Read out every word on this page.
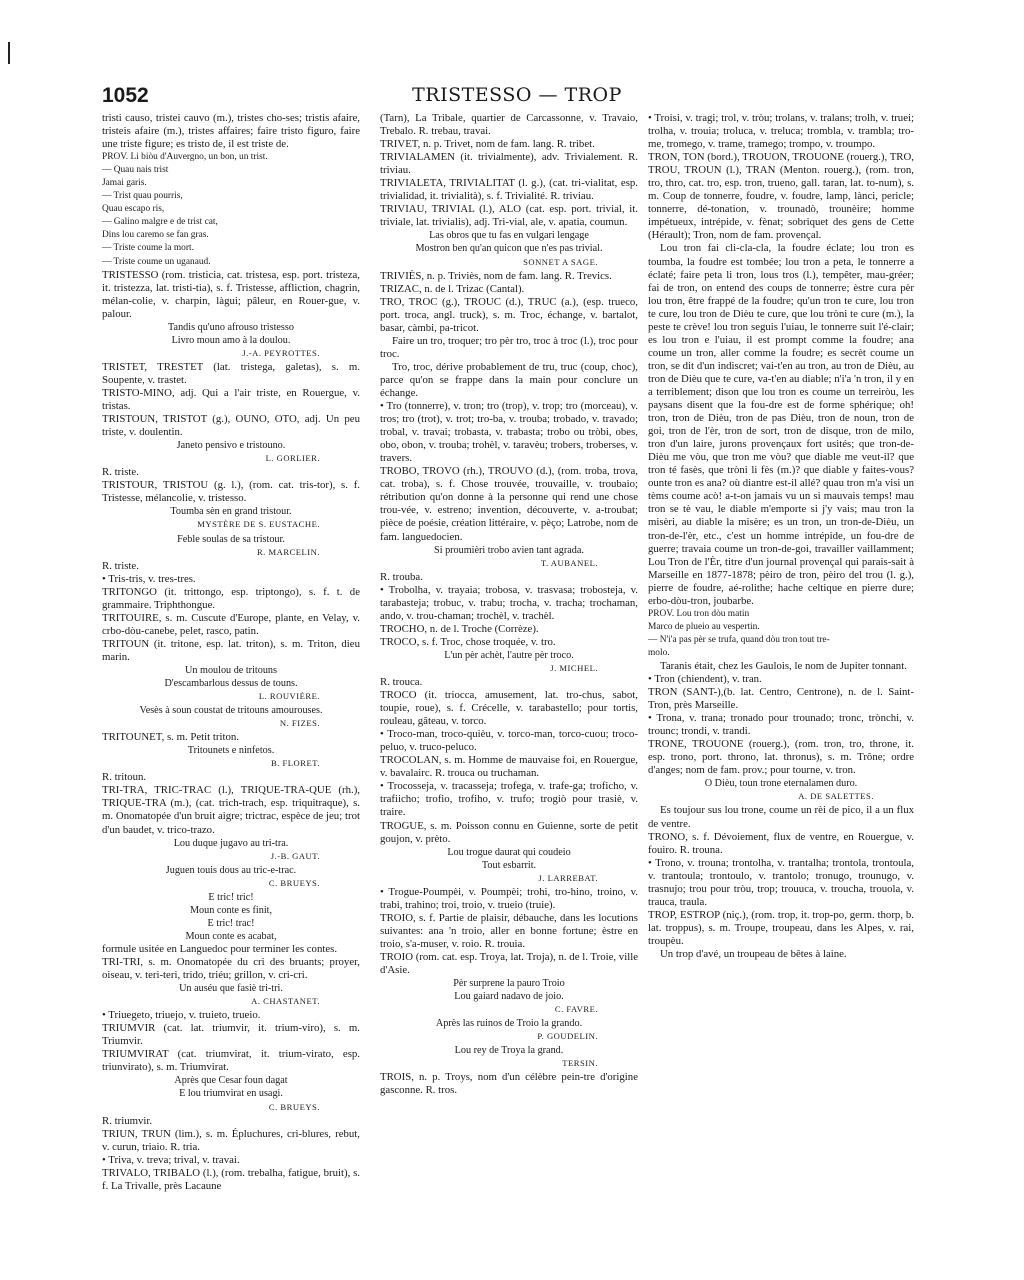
1052	TRISTESSO — TROP

tristi causo, tristei cauvo (m.), tristes cho-ses; tristis afaire, tristeis afaire (m.), tristes affaires; faire tristo figuro, faire une triste figure; es tristo de, il est triste de.

PROV. Li biòu d'Auvergno, un bon, un trist.
— Quau nais trist
Jamai garis.
— Trist quau pourris,
Quau escapo ris,
— Galino malgre e de trist cat,
Dins lou caremo se fan gras.
— Triste coume la mort.
— Triste coume un uganaud.

TRISTESSO (rom. tristicia, cat. tristesa, esp. port. tristeza, it. tristezza, lat. tristi-tia), s. f. Tristesse, affliction, chagrin, mélan-colie, v. charpin, làgui; pâleur, en Rouer-gue, v. palour.

Tandis qu'uno afrouso tristesso
Livro moun amo à la doulou.

J.-A. PEYROTTES.

TRISTET, TRESTET (lat. tristega, galetas), s. m. Soupente, v. trastet.

TRISTO-MINO, adj. Qui a l'air triste, en Rouergue, v. tristas.

TRISTOUN, TRISTOT (g.), OUNO, OTO, adj. Un peu triste, v. doulentin.

Janeto pensivo e tristouno.

L. GORLIER.

R. triste.

TRISTOUR, TRISTOU (g. l.), (rom. cat. tris-tor), s. f. Tristesse, mélancolie, v. tristesso.

Toumba sèn en grand tristour.

MYSTÈRE DE S. EUSTACHE.

Feble soulas de sa tristour.

R. MARCELIN.

R. triste.

• Tris-tris, v. tres-tres.

TRITONGO (it. trittongo, esp. triptongo), s. f. t. de grammaire. Triphthongue.

TRITOUIRE, s. m. Cuscute d'Europe, plante, en Velay, v. crbo-dòu-canebe, pelet, rasco, patin.

TRITOUN (it. tritone, esp. lat. triton), s. m. Triton, dieu marin.

Un moulou de tritouns
D'escambarlous dessus de touns.

L. ROUVIÈRE.

Vesès à soun coustat de tritouns amourouses.

N. FIZES.

TRITOUNET, s. m. Petit triton.

Tritounets e ninfetos.

B. FLORET.

R. tritoun.

TRI-TRA, TRIC-TRAC (l.), TRIQUE-TRA-QUE (rh.), TRIQUE-TRA (m.), (cat. trich-trach, esp. triquitraque), s. m. Onomatopée d'un bruit aigre; trictrac, espèce de jeu; trot d'un baudet, v. trico-trazo.

Lou duque jugavo au tri-tra.

J.-B. GAUT.

Juguen touis dous au tric-e-trac.

C. BRUEYS.

E tric! tric!
Moun conte es finit,
E tric! trac!
Moun conte es acabat,

formule usitée en Languedoc pour terminer les contes.

TRI-TRI, s. m. Onomatopée du cri des bruants; proyer, oiseau, v. teri-teri, trido, triéu; grillon, v. cri-cri.

Un auséu que fasiè tri-tri.

A. CHASTANET.

• Triuegeto, triuejo, v. truieto, trueio.

TRIUMVIR (cat. lat. triumvir, it. trium-viro), s. m. Triumvir.

TRIUMVIRAT (cat. triumvirat, it. trium-virato, esp. triunvirato), s. m. Triumvirat.

Après que Cesar foun dagat
E lou triumvirat en usagi.

C. BRUEYS.

R. triumvir.

TRIUN, TRUN (lim.), s. m. Épluchures, cri-blures, rebut, v. curun, triaio. R. tria.

• Triva, v. treva; trival, v. travai.

TRIVALO, TRIBALO (l.), (rom. trebalha, fatigue, bruit), s. f. La Trivalle, près Lacaune

(Tarn), La Tribale, quartier de Carcassonne, v. Travaio, Trebalo. R. trebau, travai.

TRIVET, n. p. Trivet, nom de fam. lang. R. tribet.

TRIVIALAMEN (it. trivialmente), adv. Trivialement. R. triviau.

TRIVIALETA, TRIVIALITAT (l. g.), (cat. tri-vialitat, esp. trivialidad, it. trivialità), s. f. Trivialité. R. triviau.

TRIVIAU, TRIVIAL (l.), ALO (cat. esp. port. trivial, it. triviale, lat. trivialis), adj. Tri-vial, ale, v. apatia, coumun.

Las obros que tu fas en vulgari lengage
Mostron ben qu'an quicon que n'es pas trivial.

SONNET A SAGE.

TRIVIÈS, n. p. Triviès, nom de fam. lang. R. Trevics.

TRIZAC, n. de l. Trizac (Cantal).

TRO, TROC (g.), TROUC (d.), TRUC (a.), (esp. trueco, port. troca, angl. truck), s. m. Troc, échange, v. bartalot, basar, càmbi, pa-tricot.

Faire un tro, troquer; tro pèr tro, troc à troc (l.), troc pour troc.

Tro, troc, dérive probablement de tru, truc (coup, choc), parce qu'on se frappe dans la main pour conclure un échange.

• Tro (tonnerre), v. tron; tro (trop), v. trop; tro (morceau), v. tros; tro (trot), v. trot; tro-ba, v. trouba; trobado, v. travado; trobal, v. travai; trobasta, v. trabasta; trobo ou tròbi, obes, obo, obon, v. trouba; trohèl, v. taravèu; trobers, troberses, v. travers.

TROBO, TROVO (rh.), TROUVO (d.), (rom. troba, trova, cat. troba), s. f. Chose trouvée, trouvaille, v. troubaio; rétribution qu'on donne à la personne qui rend une chose trou-vée, v. estreno; invention, découverte, v. a-troubat; pièce de poésie, création littéraire, v. pèço; Latrobe, nom de fam. languedocien.

Si proumièri trobo avien tant agrada.

T. AUBANEL.

R. trouba.

• Trobolha, v. trayaia; trobosa, v. trasvasa; trobosteja, v. tarabasteja; trobuc, v. trabu; trocha, v. tracha; trochaman, ando, v. trou-chaman; trochèl, v. trachèl.

TROCHO, n. de l. Troche (Corrèze).

TROCO, s. f. Troc, chose troquée, v. tro.

L'un pèr achèt, l'autre pèr troco.

J. MICHEL.

R. trouca.

TROCO (it. triocca, amusement, lat. tro-chus, sabot, toupie, roue), s. f. Crécelle, v. tarabastello; pour tortis, rouleau, gâteau, v. torco.

• Troco-man, troco-quièu, v. torco-man, torco-cuou; troco-peluo, v. truco-peluco.

TROCOLAN, s. m. Homme de mauvaise foi, en Rouergue, v. bavalairc. R. trouca ou truchaman.

• Trocosseja, v. tracasseja; trofega, v. trafe-ga; troficho, v. trafiicho; trofio, trofiho, v. trufo; trogiò pour trasiè, v. traire.

TROGUE, s. m. Poisson connu en Guienne, sorte de petit goujon, v. prèto.

Lou trogue daurat qui coudeio
Tout esbarrit.

J. LARREBAT.

• Trogue-Poumpèi, v. Poumpèi; trohi, tro-hino, troino, v. trabi, trahino; troi, troio, v. trueio (truie).

TROIO, s. f. Partie de plaisir, débauche, dans les locutions suivantes: ana 'n troio, aller en bonne fortune; èstre en troio, s'a-muser, v. roio. R. trouia.

TROIO (rom. cat. esp. Troya, lat. Troja), n. de l. Troie, ville d'Asie.

Pèr surprene la pauro Troio
Lou gaiard nadavo de joio.

C. FAVRE.

Après las ruinos de Troio la grando.

P. GOUDELIN.

Lou rey de Troya la grand.

TERSIN.

TROIS, n. p. Troys, nom d'un célèbre pein-tre d'origine gasconne. R. tros.

• Troisi, v. tragi; trol, v. tròu; trolans, v. tralans; trolh, v. truei; trolha, v. trouia; troluca, v. treluca; trombla, v. trambla; tro-me, tromego, v. trame, tramego; trompo, v. troumpo.

TRON, TON (bord.), TROUON, TROUONE (rouerg.), TRO, TROU, TROUN (l.), TRAN (Menton. rouerg.), (rom. tron, tro, thro, cat. tro, esp. tron, trueno, gall. taran, lat. to-num), s. m. Coup de tonnerre, foudre, v. foudre, lamp, lànci, pericle; tonnerre, dé-tonation, v. trounadò, trounèire; homme impétueux, intrépide, v. fènat; sobriquet des gens de Cette (Hérault); Tron, nom de fam. provençal.

Lou tron fai cli-cla-cla, la foudre éclate; lou tron es toumba, la foudre est tombée; lou tron a peta, le tonnerre a éclaté; faire peta li tron, lous tros (l.), tempêter, mau-gréer; fai de tron, on entend des coups de tonnerre; èstre cura pèr lou tron, être frappé de la foudre; qu'un tron te cure, lou tron te cure, lou tron de Dièu te cure, que lou tròni te cure (m.), la peste te crève! lou tron seguis l'uiau, le tonnerre suit l'é-clair; es lou tron e l'uiau, il est prompt comme la foudre; ana coume un tron, aller comme la foudre; es secrèt coume un tron, se dit d'un indiscret; vai-t'en au tron, au tron de Dièu, au tron de Dièu que te cure, va-t'en au diable; n'i'a 'n tron, il y en a terriblement; dison que lou tron es coume un terreiròu, les paysans disent que la fou-dre est de forme sphérique; oh! tron, tron de Dièu, tron de pas Dièu, tron de noun, tron de goi, tron de l'èr, tron de sort, tron de disque, tron de milo, tron d'un laire, jurons provençaux fort usités; que tron-de-Dièu me vòu, que tron me vòu? que diable me veut-il? que tron té fasès, que tròni li fès (m.)? que diable y faites-vous? ounte tron es ana? où diantre est-il allé? quau tron m'a visi un tèms coume acò! a-t-on jamais vu un si mauvais temps! mau tron se tè vau, le diable m'emporte si j'y vais; mau tron la misèri, au diable la misère; es un tron, un tron-de-Dièu, un tron-de-l'èr, etc., c'est un homme intrépide, un fou-dre de guerre; travaia coume un tron-de-goi, travailler vaillamment; Lou Tron de l'Èr, titre d'un journal provençal qui parais-sait à Marseille en 1877-1878; pèiro de tron, pèiro del trou (l. g.), pierre de foudre, aé-rolithe; hache celtique en pierre dure; erbo-dòu-tron, joubarbe.

PROV. Lou tron dòu matin
Marco de plueio au vespertin.
— N'i'a pas pèr se trufa, quand dòu tron tout tre-
molo.

Taranis était, chez les Gaulois, le nom de Jupiter tonnant.

• Tron (chiendent), v. tran.

TRON (SANT-),(b. lat. Centro, Centrone), n. de l. Saint-Tron, près Marseille.

• Trona, v. trana; tronado pour trounado; tronc, trònchi, v. trounc; trondi, v. trandi.

TRONE, TROUONE (rouerg.), (rom. tron, tro, throne, it. esp. trono, port. throno, lat. thronus), s. m. Trône; ordre d'anges; nom de fam. prov.; pour tourne, v. tron.

O Dièu, toun trone eternalamen duro.

A. DE SALETTES.

Es toujour sus lou trone, coume un rèi de pico, il a un flux de ventre.

TRONO, s. f. Dévoiement, flux de ventre, en Rouergue, v. fouiro. R. trouna.

• Trono, v. trouna; trontolha, v. trantalha; trontola, trontoula, v. trantoula; trontoulo, v. trantolo; tronugo, trounugo, v. trasnujo; trou pour tròu, trop; trouuca, v. troucha, trouola, v. trauca, traula.

TROP, ESTROP (niç.), (rom. trop, it. trop-po, germ. thorp, b. lat. troppus), s. m. Troupe, troupeau, dans les Alpes, v. rai, troupèu.

Un trop d'avé, un troupeau de bêtes à laine.
